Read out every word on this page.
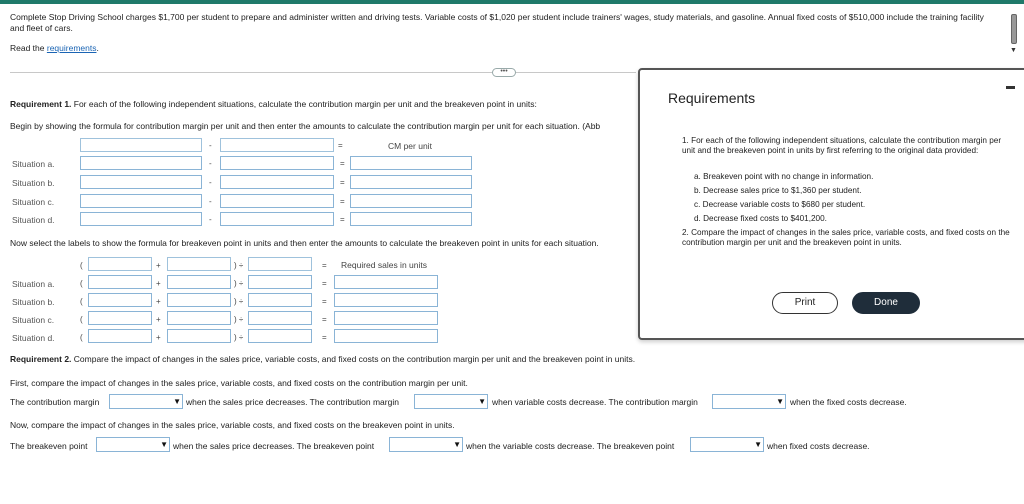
Complete Stop Driving School charges $1,700 per student to prepare and administer written and driving tests. Variable costs of $1,020 per student include trainers' wages, study materials, and gasoline. Annual fixed costs of $510,000 include the training facility and fleet of cars.
Read the requirements.
•••
Requirement 1. For each of the following independent situations, calculate the contribution margin per unit and the breakeven point in units:
Begin by showing the formula for contribution margin per unit and then enter the amounts to calculate the contribution margin per unit for each situation. (Abb
-	=	CM per unit
Situation a.	-	=
Situation b.	-	=
Situation c.	-	=
Situation d.	-	=
Now select the labels to show the formula for breakeven point in units and then enter the amounts to calculate the breakeven point in units for each situation.
(	+	) ÷	= Required sales in units
Situation a.	(	+	) ÷	=
Situation b.	(	+	) ÷	=
Situation c.	(	+	) ÷	=
Situation d.	(	+	) ÷	=
Requirement 2. Compare the impact of changes in the sales price, variable costs, and fixed costs on the contribution margin per unit and the breakeven point in units.
First, compare the impact of changes in the sales price, variable costs, and fixed costs on the contribution margin per unit.
The contribution margin	▼ when the sales price decreases. The contribution margin	▼ when variable costs decrease. The contribution margin	▼ when the fixed costs decrease.
Now, compare the impact of changes in the sales price, variable costs, and fixed costs on the breakeven point in units.
The breakeven point	▼ when the sales price decreases. The breakeven point	▼ when the variable costs decrease. The breakeven point	▼ when fixed costs decrease.
▼
Requirements
1. For each of the following independent situations, calculate the contribution margin per unit and the breakeven point in units by first referring to the original data provided:
a. Breakeven point with no change in information.
b. Decrease sales price to $1,360 per student.
c. Decrease variable costs to $680 per student.
d. Decrease fixed costs to $401,200.
2. Compare the impact of changes in the sales price, variable costs, and fixed costs on the contribution margin per unit and the breakeven point in units.
Print	Done
